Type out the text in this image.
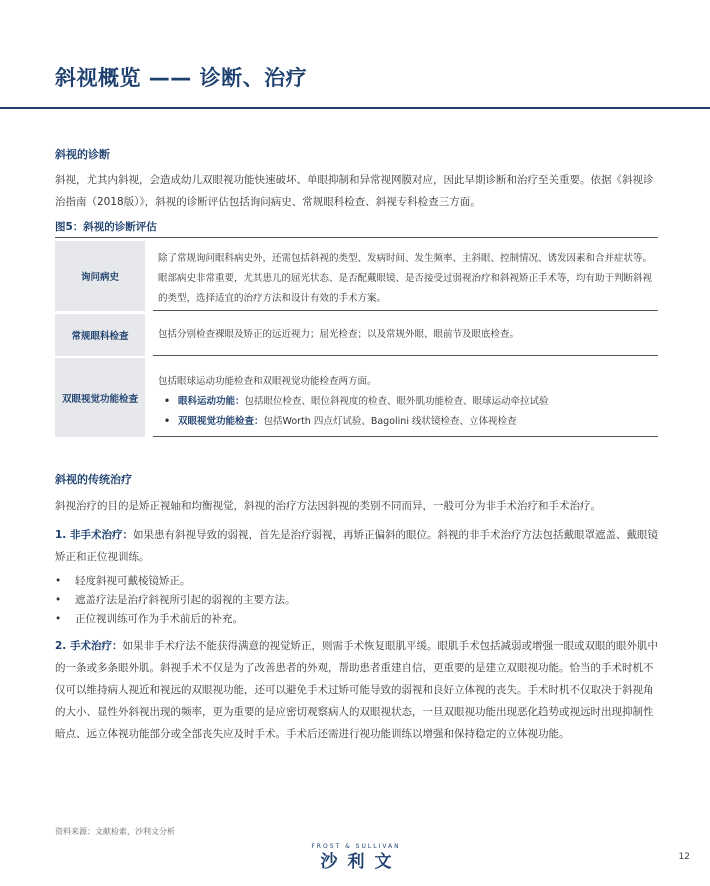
斜视概览 —— 诊断、治疗
斜视的诊断

斜视，尤其内斜视，会造成幼儿双眼视功能快速破坏、单眼抑制和异常视网膜对应，因此早期诊断和治疗至关重要。依据《斜视诊治指南（2018版）》，斜视的诊断评估包括询问病史、常规眼科检查、斜视专科检查三方面。

图5：斜视的诊断评估
询问病史
除了常规询问眼科病史外，还需包括斜视的类型、发病时间、发生频率、主斜眼、控制情况、诱发因素和合并症状等。眼部病史非常重要，尤其患儿的屈光状态、是否配戴眼镜、是否接受过弱视治疗和斜视矫正手术等，均有助于判断斜视的类型，选择适宜的治疗方法和设计有效的手术方案。
常规眼科检查	包括分别检查裸眼及矫正的远近视力；屈光检查；以及常规外眼、眼前节及眼底检查。
双眼视觉功能检查
包括眼球运动功能检查和双眼视觉功能检查两方面。
• 眼科运动功能：包括眼位检查、眼位斜视度的检查、眼外肌功能检查、眼球运动牵拉试验
• 双眼视觉功能检查：包括Worth 四点灯试验、Bagolini 线状镜检查、立体视检查
斜视的传统治疗

斜视治疗的目的是矫正视轴和均衡视觉，斜视的治疗方法因斜视的类别不同而异，一般可分为非手术治疗和手术治疗。

1. 非手术治疗：如果患有斜视导致的弱视，首先是治疗弱视，再矫正偏斜的眼位。斜视的非手术治疗方法包括戴眼罩遮盖、戴眼镜矫正和正位视训练。

• 轻度斜视可戴棱镜矫正。
• 遮盖疗法是治疗斜视所引起的弱视的主要方法。
• 正位视训练可作为手术前后的补充。

2. 手术治疗：如果非手术疗法不能获得满意的视觉矫正，则需手术恢复眼肌平缓。眼肌手术包括减弱或增强一眼或双眼的眼外肌中的一条或多条眼外肌。斜视手术不仅是为了改善患者的外观，帮助患者重建自信，更重要的是建立双眼视功能。恰当的手术时机不仅可以维持病人视近和视远的双眼视功能，还可以避免手术过矫可能导致的弱视和良好立体视的丧失。手术时机不仅取决于斜视角的大小、显性外斜视出现的频率，更为重要的是应密切观察病人的双眼视状态，一旦双眼视功能出现恶化趋势或视远时出现抑制性暗点、远立体视功能部分或全部丧失应及时手术。手术后还需进行视功能训练以增强和保持稳定的立体视功能。

资料来源：文献检索，沙利文分析
FROST & SULLIVAN
沙利文	12
